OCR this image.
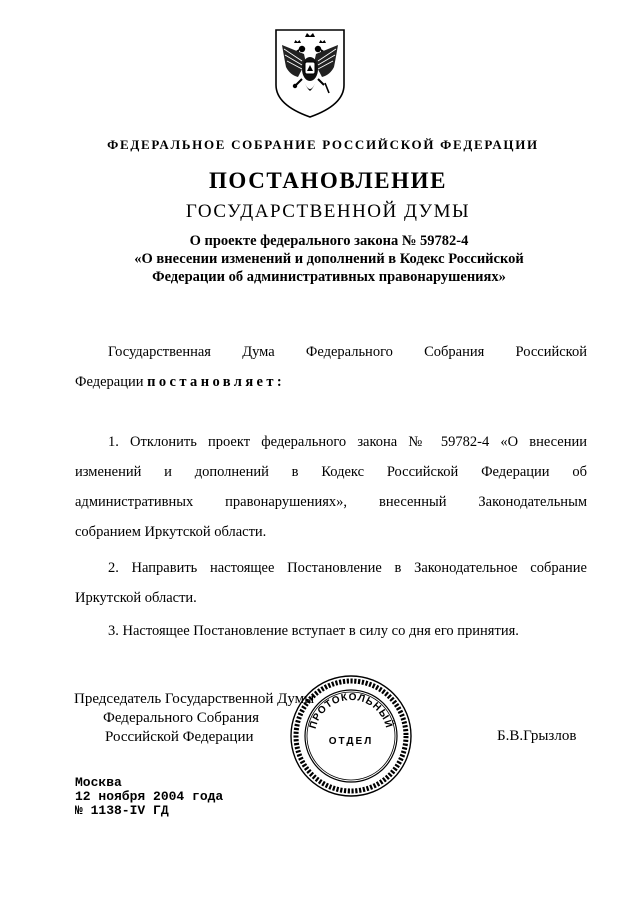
ФЕДЕРАЛЬНОЕ СОБРАНИЕ РОССИЙСКОЙ ФЕДЕРАЦИИ
ПОСТАНОВЛЕНИЕ
ГОСУДАРСТВЕННОЙ ДУМЫ
О проекте федерального закона № 59782-4
«О внесении изменений и дополнений в Кодекс Российской
Федерации об административных правонарушениях»
Государственная Дума Федерального Собрания Российской
Федерации постановляет:
1. Отклонить проект федерального закона № 59782-4 «О внесении
изменений и дополнений в Кодекс Российской Федерации об
административных правонарушениях», внесенный Законодательным
собранием Иркутской области.
2. Направить настоящее Постановление в Законодательное собрание
Иркутской области.
3. Настоящее Постановление вступает в силу со дня его принятия.
Председатель Государственной Думы
Федерального Собрания
Российской Федерации
ПРОТОКОЛЬНЫЙ
ОТДЕЛ	Б.В.Грызлов
Москва
12 ноября 2004 года
№ 1138-IV ГД
